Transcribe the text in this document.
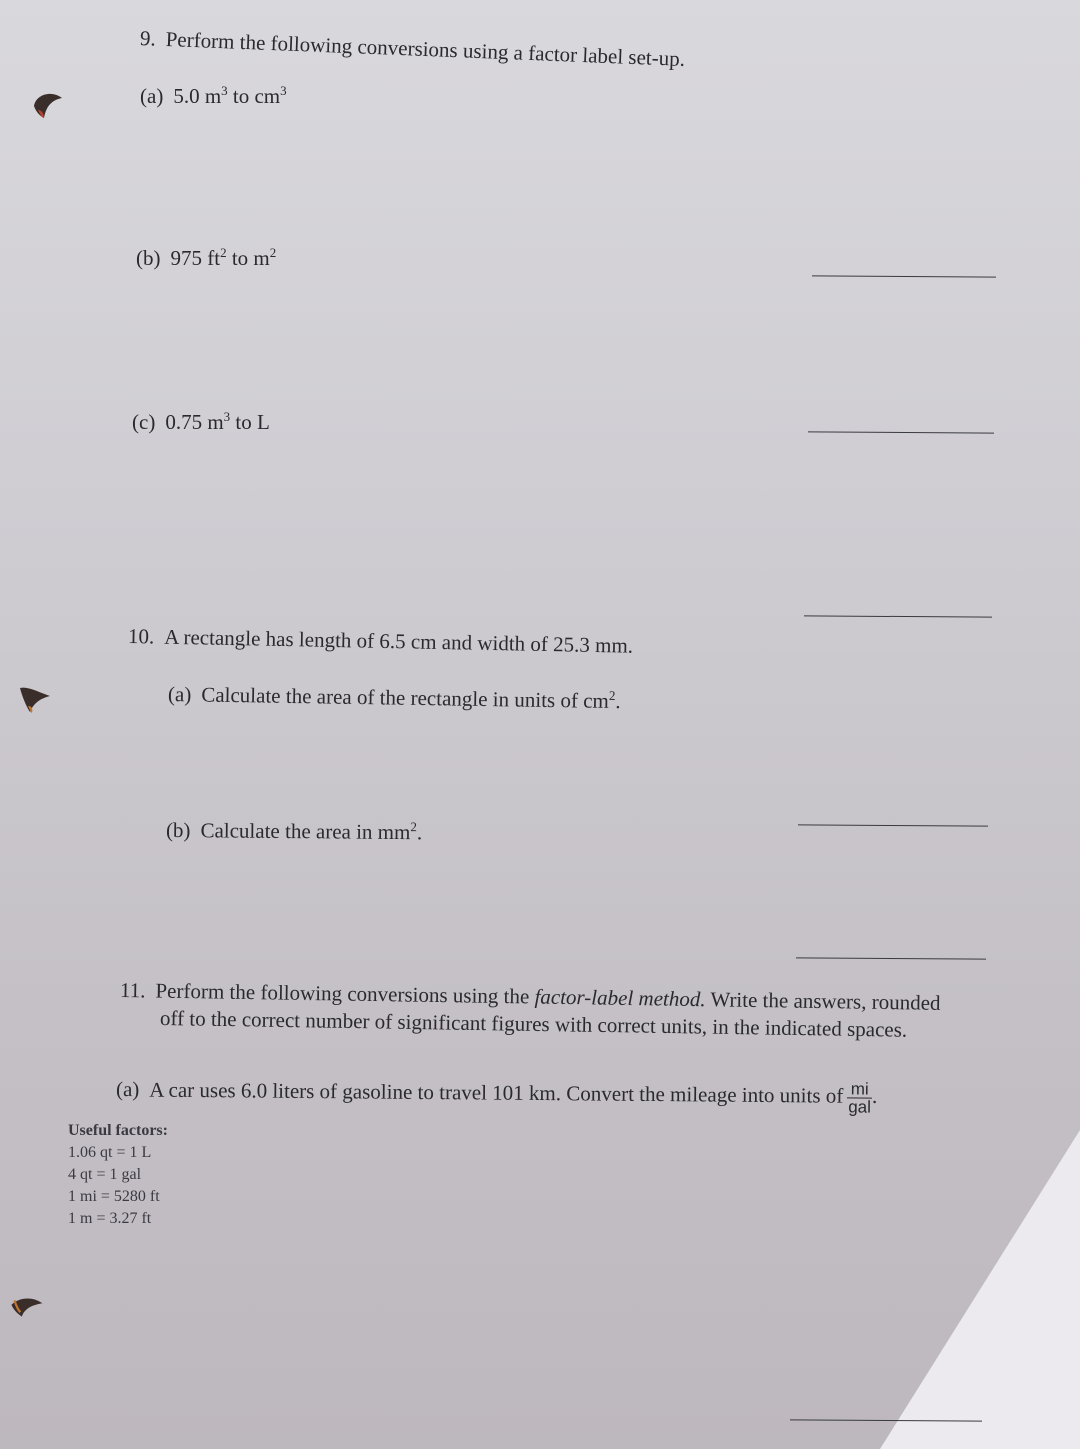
9. Perform the following conversions using a factor label set-up.
(a) 5.0 $m^3$ to $cm^3$
(b) 975 $ft^2$ to $m^2$
(c) 0.75 $m^3$ to L
10. A rectangle has length of 6.5 cm and width of 25.3 mm.
(a) Calculate the area of the rectangle in units of $cm^2$.
(b) Calculate the area in $mm^2$.
11. Perform the following conversions using the factor-label method. Write the answers, rounded
off to the correct number of significant figures with correct units, in the indicated spaces.
(a) A car uses 6.0 liters of gasoline to travel 101 km. Convert the mileage into units of $\frac{mi}{\text{gal}}$ .
Useful factors:
1.06 qt = 1 L
4 qt = 1 gal
1 mi = 5280 ft
1 m = 3.27 ft
